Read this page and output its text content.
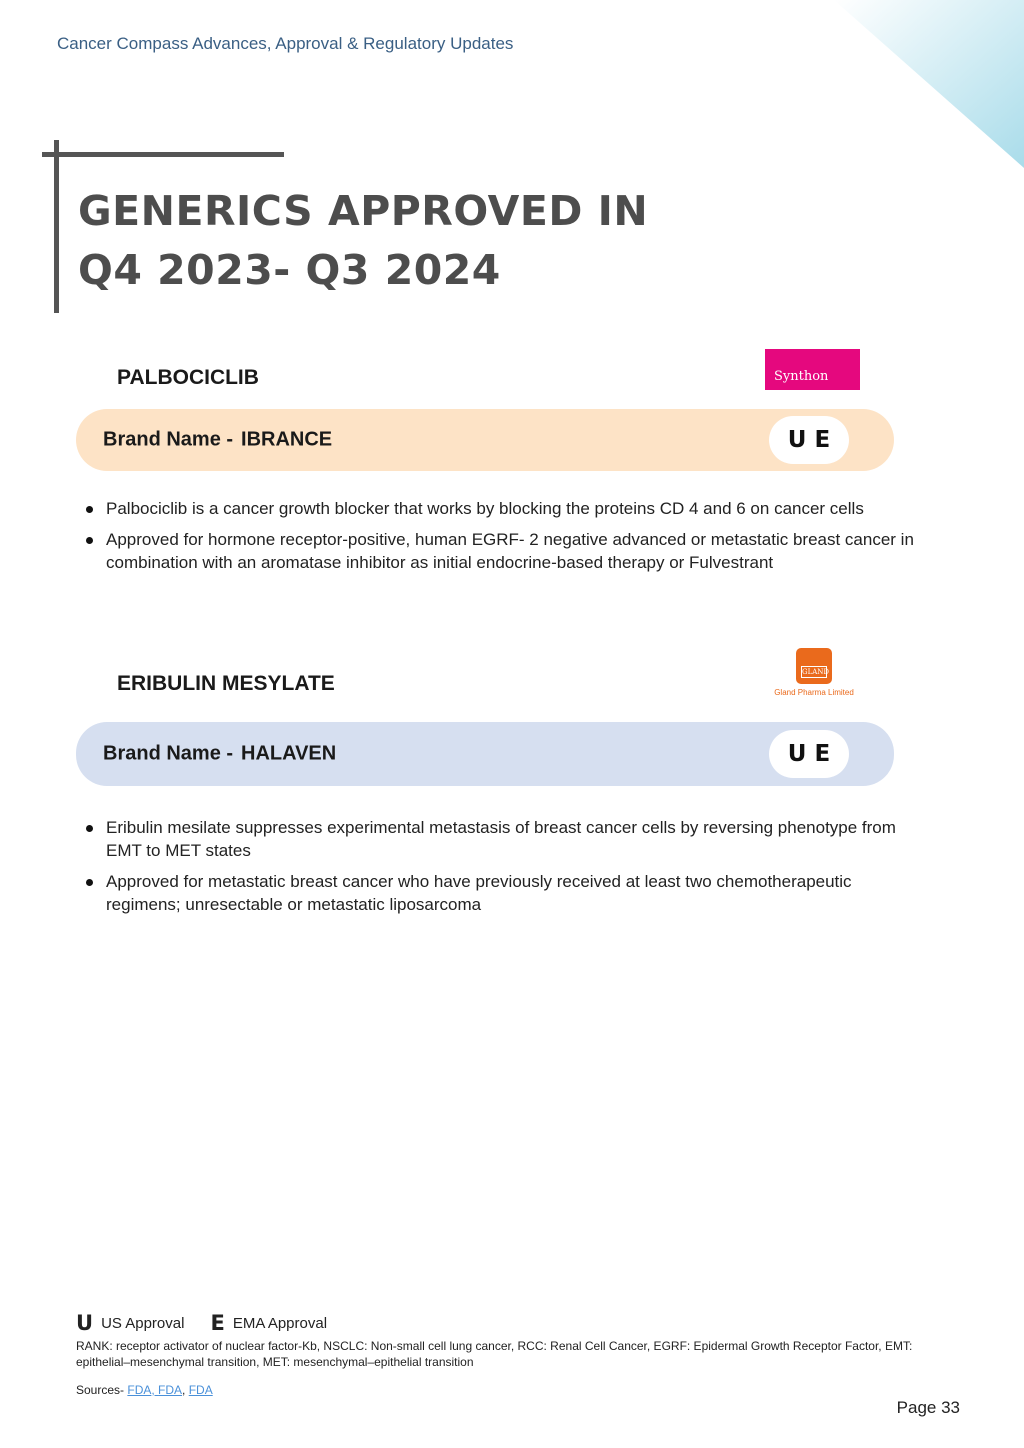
Cancer Compass Advances, Approval & Regulatory Updates
GENERICS APPROVED IN
Q4 2023- Q3 2024
PALBOCICLIB	Synthon
Brand Name - IBRANCE	U E
Palbociclib is a cancer growth blocker that works by blocking the proteins CD 4 and 6 on cancer cells
Approved for hormone receptor-positive, human EGRF- 2 negative advanced or metastatic breast cancer in combination with an aromatase inhibitor as initial endocrine-based therapy or Fulvestrant
ERIBULIN MESYLATE	GLAND
Gland Pharma Limited
Brand Name - HALAVEN	U E
Eribulin mesilate suppresses experimental metastasis of breast cancer cells by reversing phenotype from EMT to MET states
Approved for metastatic breast cancer who have previously received at least two chemotherapeutic regimens; unresectable or metastatic liposarcoma
U US Approval E EMA Approval
RANK: receptor activator of nuclear factor-Kb, NSCLC: Non-small cell lung cancer, RCC: Renal Cell Cancer, EGRF: Epidermal Growth Receptor Factor, EMT: epithelial–mesenchymal transition, MET: mesenchymal–epithelial transition
Sources- FDA, FDA, FDA
Page 33
